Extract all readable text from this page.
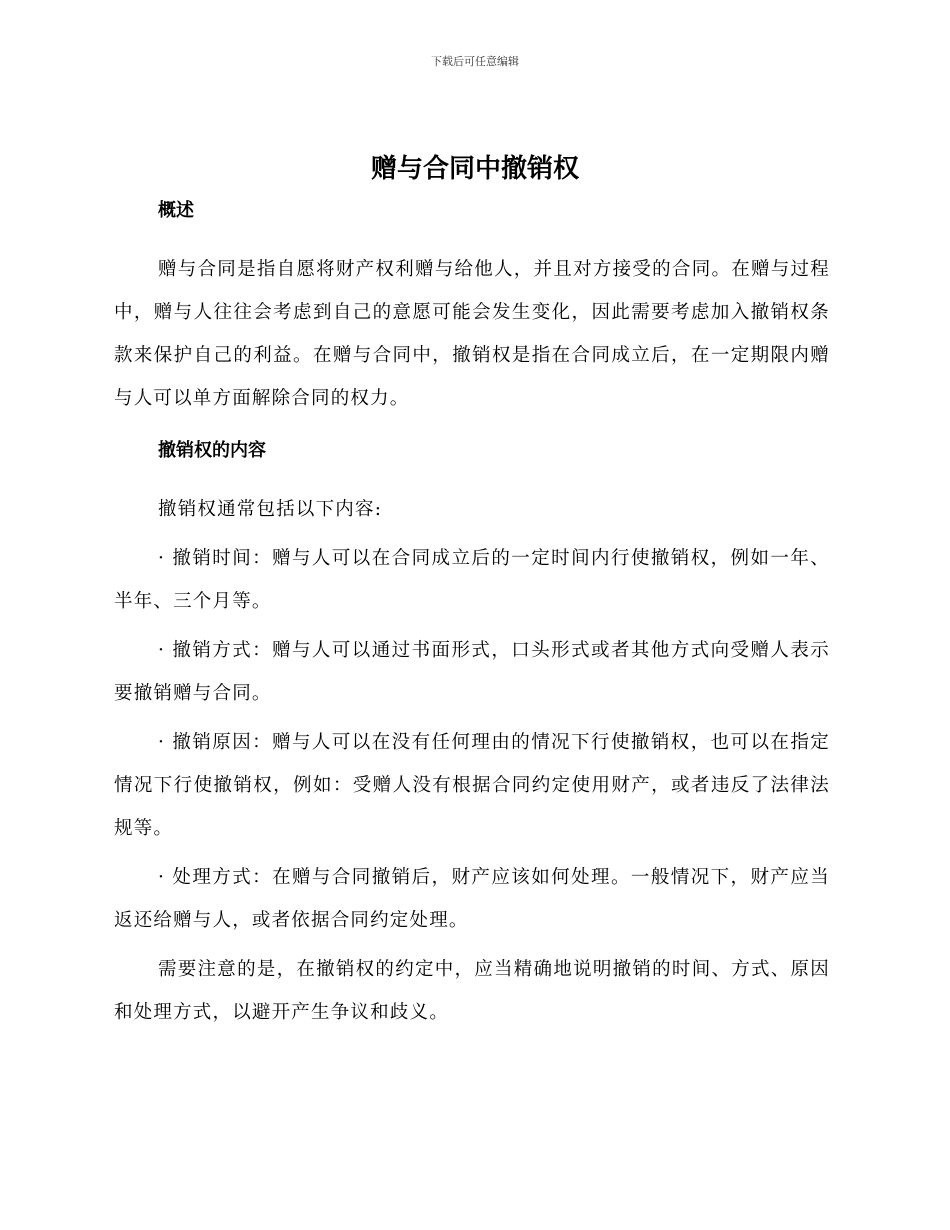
下载后可任意编辑
赠与合同中撤销权
概述

赠与合同是指自愿将财产权利赠与给他人，并且对方接受的合同。在赠与过程中，赠与人往往会考虑到自己的意愿可能会发生变化，因此需要考虑加入撤销权条款来保护自己的利益。在赠与合同中，撤销权是指在合同成立后，在一定期限内赠与人可以单方面解除合同的权力。

撤销权的内容

撤销权通常包括以下内容:

· 撤销时间：赠与人可以在合同成立后的一定时间内行使撤销权，例如一年、半年、三个月等。

· 撤销方式：赠与人可以通过书面形式，口头形式或者其他方式向受赠人表示要撤销赠与合同。

· 撤销原因：赠与人可以在没有任何理由的情况下行使撤销权，也可以在指定情况下行使撤销权，例如：受赠人没有根据合同约定使用财产，或者违反了法律法规等。

· 处理方式：在赠与合同撤销后，财产应该如何处理。一般情况下，财产应当返还给赠与人，或者依据合同约定处理。

需要注意的是，在撤销权的约定中，应当精确地说明撤销的时间、方式、原因和处理方式，以避开产生争议和歧义。
